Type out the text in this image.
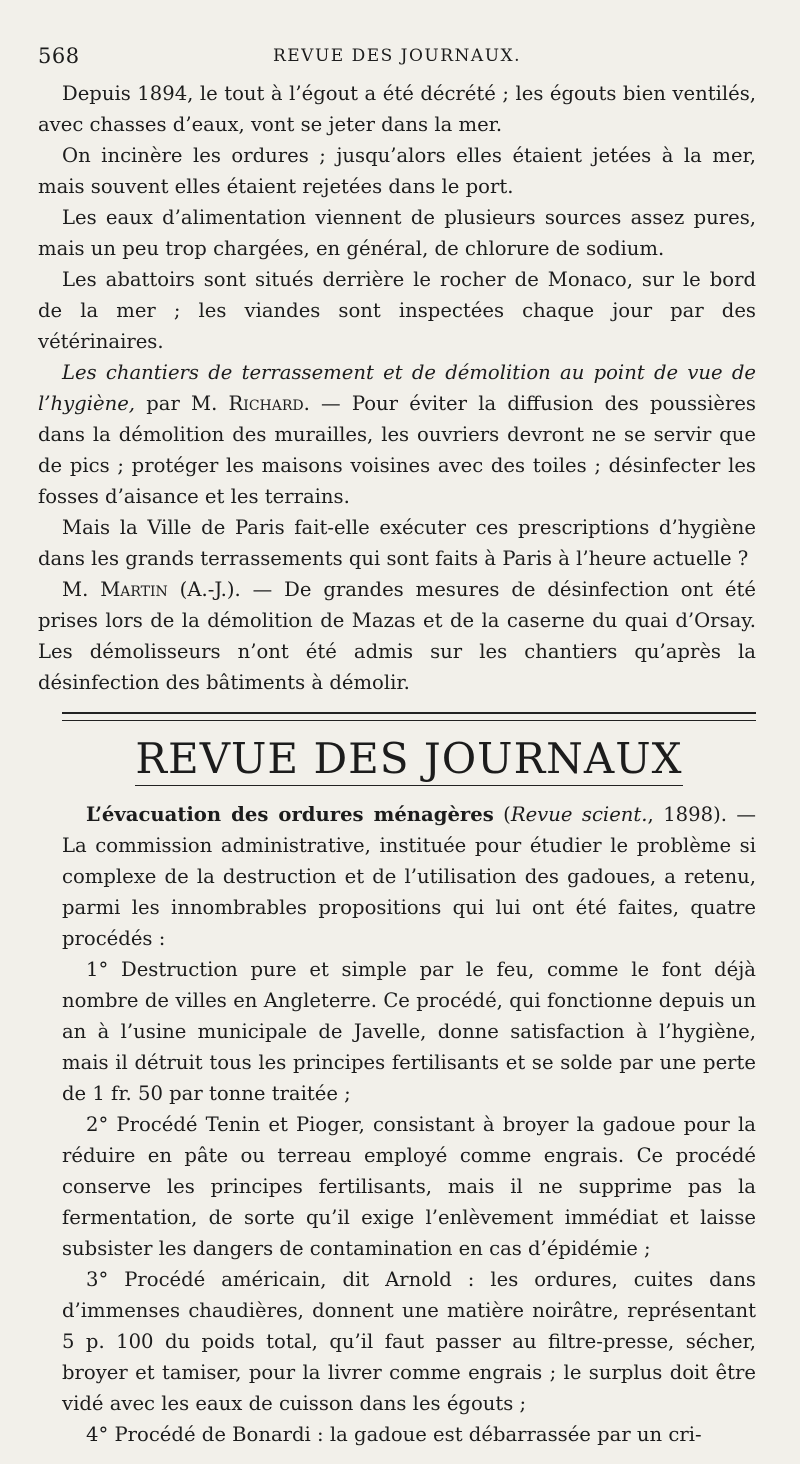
568	REVUE DES JOURNAUX.

Depuis 1894, le tout à l’égout a été décrété ; les égouts bien ventilés, avec chasses d’eaux, vont se jeter dans la mer.

On incinère les ordures ; jusqu’alors elles étaient jetées à la mer, mais souvent elles étaient rejetées dans le port.

Les eaux d’alimentation viennent de plusieurs sources assez pures, mais un peu trop chargées, en général, de chlorure de sodium.

Les abattoirs sont situés derrière le rocher de Monaco, sur le bord de la mer ; les viandes sont inspectées chaque jour par des vétérinaires.

Les chantiers de terrassement et de démolition au point de vue de l’hygiène, par M. Richard. — Pour éviter la diffusion des poussières dans la démolition des murailles, les ouvriers devront ne se servir que de pics ; protéger les maisons voisines avec des toiles ; désinfecter les fosses d’aisance et les terrains.

Mais la Ville de Paris fait-elle exécuter ces prescriptions d’hygiène dans les grands terrassements qui sont faits à Paris à l’heure actuelle ?

M. Martin (A.-J.). — De grandes mesures de désinfection ont été prises lors de la démolition de Mazas et de la caserne du quai d’Orsay. Les démolisseurs n’ont été admis sur les chantiers qu’après la désinfection des bâtiments à démolir.

REVUE DES JOURNAUX

L’évacuation des ordures ménagères (Revue scient., 1898). — La commission administrative, instituée pour étudier le problème si complexe de la destruction et de l’utilisation des gadoues, a retenu, parmi les innombrables propositions qui lui ont été faites, quatre procédés :

1° Destruction pure et simple par le feu, comme le font déjà nombre de villes en Angleterre. Ce procédé, qui fonctionne depuis un an à l’usine municipale de Javelle, donne satisfaction à l’hygiène, mais il détruit tous les principes fertilisants et se solde par une perte de 1 fr. 50 par tonne traitée ;

2° Procédé Tenin et Pioger, consistant à broyer la gadoue pour la réduire en pâte ou terreau employé comme engrais. Ce procédé conserve les principes fertilisants, mais il ne supprime pas la fermentation, de sorte qu’il exige l’enlèvement immédiat et laisse subsister les dangers de contamination en cas d’épidémie ;

3° Procédé américain, dit Arnold : les ordures, cuites dans d’immenses chaudières, donnent une matière noirâtre, représentant 5 p. 100 du poids total, qu’il faut passer au filtre-presse, sécher, broyer et tamiser, pour la livrer comme engrais ; le surplus doit être vidé avec les eaux de cuisson dans les égouts ;

4° Procédé de Bonardi : la gadoue est débarrassée par un cri-
